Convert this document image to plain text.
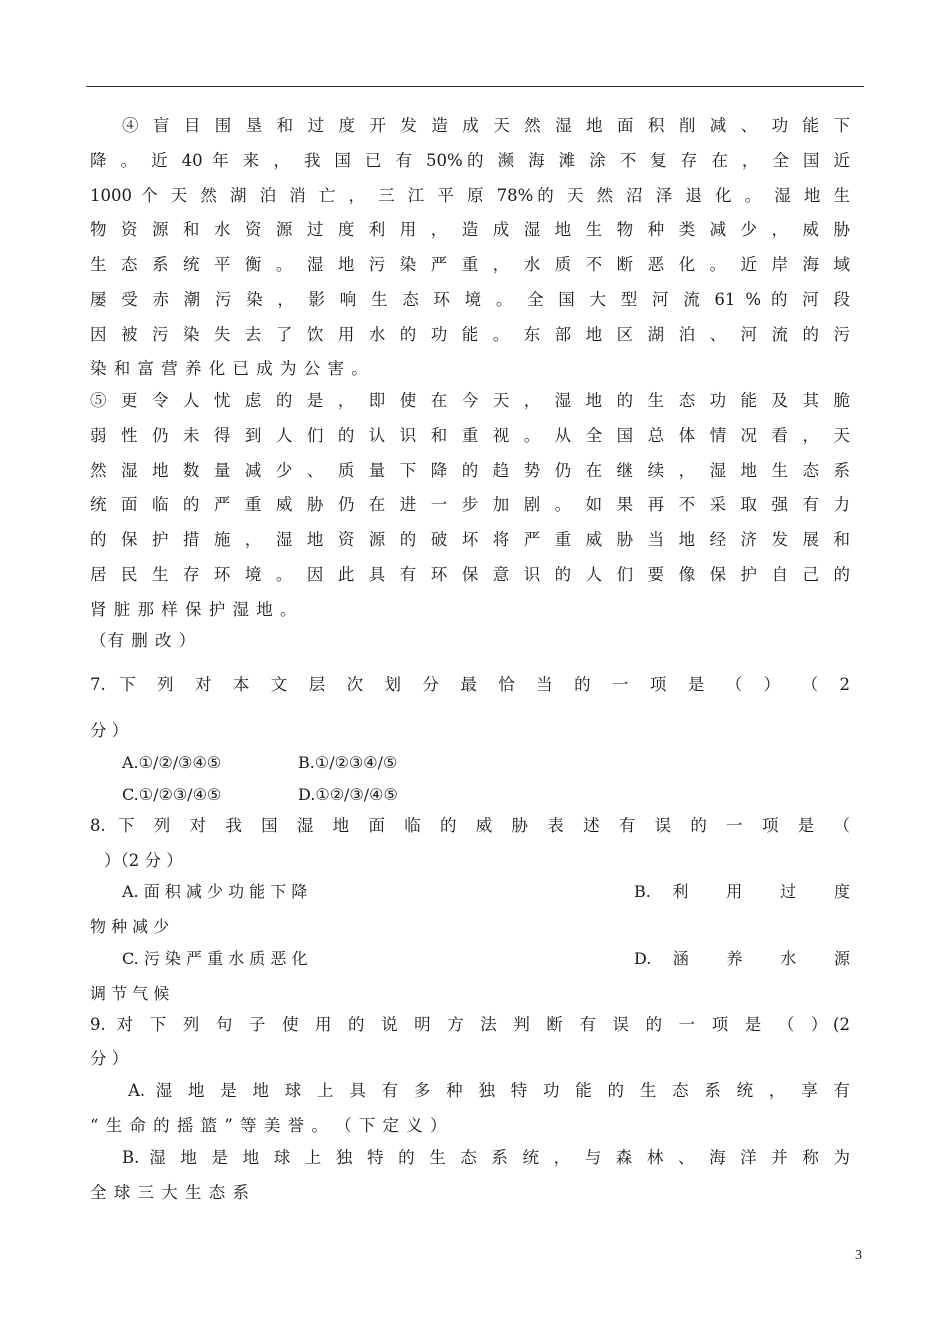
④ 盲 目 围 垦 和 过 度 开 发 造 成 天 然 湿 地 面 积 削 减 、 功 能 下
降 。 近 40 年 来 ， 我 国 已 有 50%的 濒 海 滩 涂 不 复 存 在 ， 全 国 近
1000 个 天 然 湖 泊 消 亡 ， 三 江 平 原 78%的 天 然 沼 泽 退 化 。 湿 地 生
物 资 源 和 水 资 源 过 度 利 用 ， 造 成 湿 地 生 物 种 类 减 少 ， 威 胁
生 态 系 统 平 衡 。 湿 地 污 染 严 重 ， 水 质 不 断 恶 化 。 近 岸 海 域
屡 受 赤 潮 污 染 ， 影 响 生 态 环 境 。 全 国 大 型 河 流 61 % 的 河 段
因 被 污 染 失 去 了 饮 用 水 的 功 能 。 东 部 地 区 湖 泊 、 河 流 的 污
染 和 富 营 养 化 已 成 为 公 害 。
⑤ 更 令 人 忧 虑 的 是 ， 即 使 在 今 天 ， 湿 地 的 生 态 功 能 及 其 脆
弱 性 仍 未 得 到 人 们 的 认 识 和 重 视 。 从 全 国 总 体 情 况 看 ， 天
然 湿 地 数 量 减 少 、 质 量 下 降 的 趋 势 仍 在 继 续 ， 湿 地 生 态 系
统 面 临 的 严 重 威 胁 仍 在 进 一 步 加 剧 。 如 果 再 不 采 取 强 有 力
的 保 护 措 施 ， 湿 地 资 源 的 破 坏 将 严 重 威 胁 当 地 经 济 发 展 和
居 民 生 存 环 境 。 因 此 具 有 环 保 意 识 的 人 们 要 像 保 护 自 己 的
肾 脏 那 样 保 护 湿 地 。
（有 删 改 ）
7. 下 列 对 本 文 层 次 划 分 最 恰 当 的 一 项 是 （ ） （ 2
分 ）
A.①/②/③④⑤	B.①/②③④/⑤
C.①/②③/④⑤	D.①②/③/④⑤
8. 下 列 对 我 国 湿 地 面 临 的 威 胁 表 述 有 误 的 一 项 是 （
）（2 分 ）
A. 面 积 减 少 功 能 下 降	B. 利 用 过 度
物 种 减 少
C. 污 染 严 重 水 质 恶 化	D. 涵 养 水 源
调 节 气 候
9. 对 下 列 句 子 使 用 的 说 明 方 法 判 断 有 误 的 一 项 是 （ ）(2
分 ）
A. 湿 地 是 地 球 上 具 有 多 种 独 特 功 能 的 生 态 系 统 ， 享 有
“ 生 命 的 摇 篮 ” 等 美 誉 。 （ 下 定 义 ）
B. 湿 地 是 地 球 上 独 特 的 生 态 系 统 ， 与 森 林 、 海 洋 并 称 为
全 球 三 大 生 态 系
3
